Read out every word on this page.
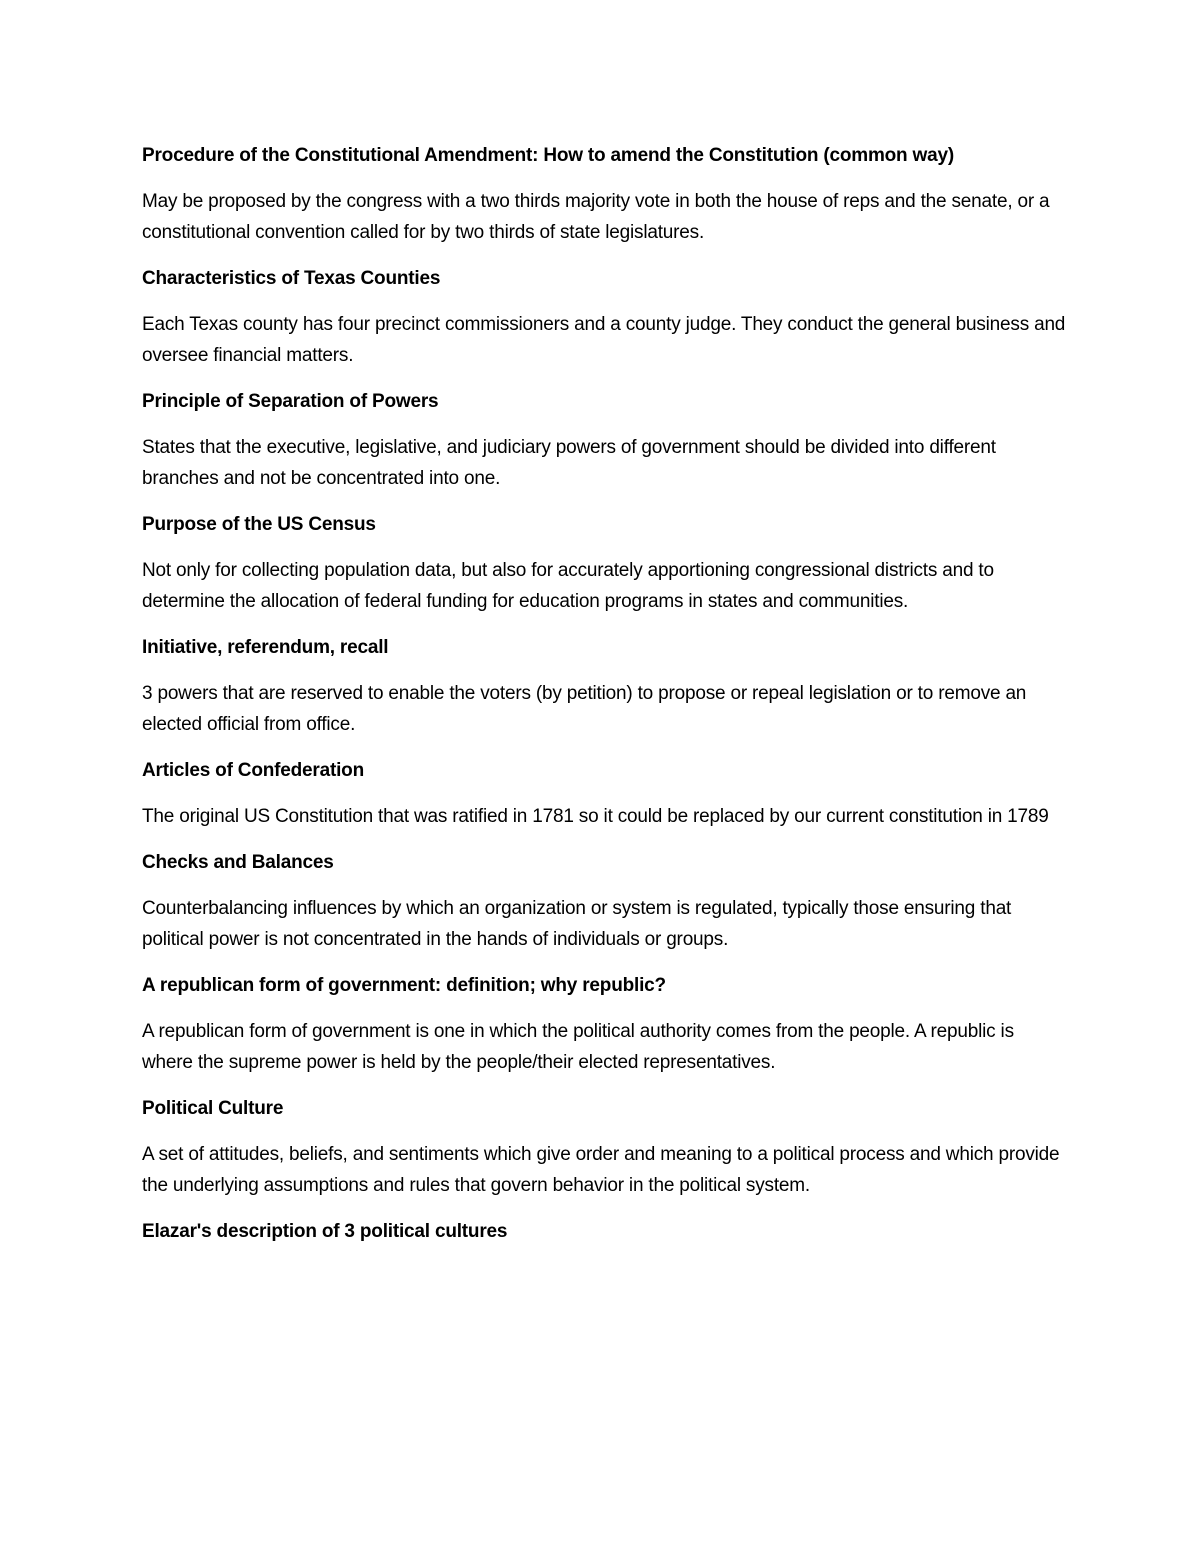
Procedure of the Constitutional Amendment: How to amend the Constitution (common way)

May be proposed by the congress with a two thirds majority vote in both the house of reps and the senate, or a constitutional convention called for by two thirds of state legislatures.

Characteristics of Texas Counties

Each Texas county has four precinct commissioners and a county judge. They conduct the general business and oversee financial matters.

Principle of Separation of Powers

States that the executive, legislative, and judiciary powers of government should be divided into different branches and not be concentrated into one.

Purpose of the US Census

Not only for collecting population data, but also for accurately apportioning congressional districts and to determine the allocation of federal funding for education programs in states and communities.

Initiative, referendum, recall

3 powers that are reserved to enable the voters (by petition) to propose or repeal legislation or to remove an elected official from office.

Articles of Confederation

The original US Constitution that was ratified in 1781 so it could be replaced by our current constitution in 1789

Checks and Balances

Counterbalancing influences by which an organization or system is regulated, typically those ensuring that political power is not concentrated in the hands of individuals or groups.

A republican form of government: definition; why republic?

A republican form of government is one in which the political authority comes from the people. A republic is where the supreme power is held by the people/their elected representatives.

Political Culture

A set of attitudes, beliefs, and sentiments which give order and meaning to a political process and which provide the underlying assumptions and rules that govern behavior in the political system.

Elazar's description of 3 political cultures
